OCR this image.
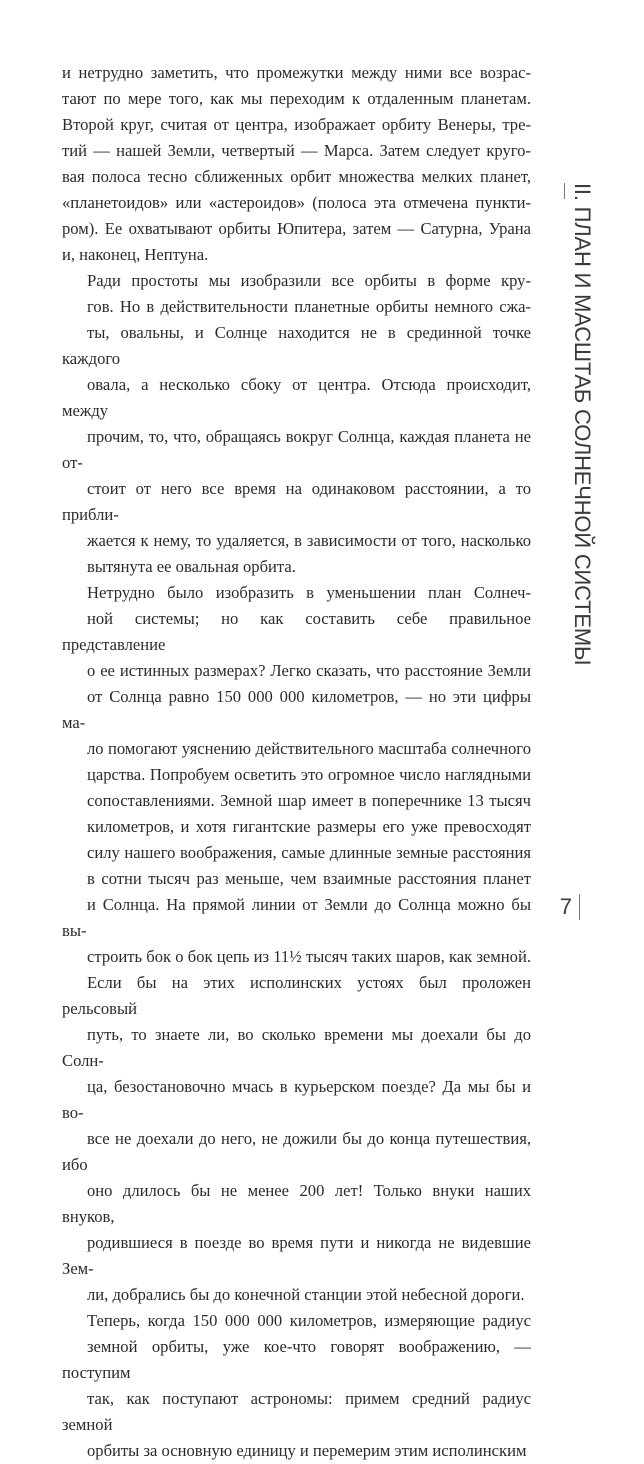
и нетрудно заметить, что промежутки между ними все возрас-
тают по мере того, как мы переходим к отдаленным планетам.
Второй круг, считая от центра, изображает орбиту Венеры, тре-
тий — нашей Земли, четвертый — Марса. Затем следует круго-
вая полоса тесно сближенных орбит множества мелких планет,
«планетоидов» или «астероидов» (полоса эта отмечена пункти-
ром). Ее охватывают орбиты Юпитера, затем — Сатурна, Урана
и, наконец, Нептуна.

Ради простоты мы изобразили все орбиты в форме кру-
гов. Но в действительности планетные орбиты немного сжа-
ты, овальны, и Солнце находится не в срединной точке каждого
овала, а несколько сбоку от центра. Отсюда происходит, между
прочим, то, что, обращаясь вокруг Солнца, каждая планета не от-
стоит от него все время на одинаковом расстоянии, а то прибли-
жается к нему, то удаляется, в зависимости от того, насколько
вытянута ее овальная орбита.

Нетрудно было изобразить в уменьшении план Солнеч-
ной системы; но как составить себе правильное представление
о ее истинных размерах? Легко сказать, что расстояние Земли
от Солнца равно 150 000 000 километров, — но эти цифры ма-
ло помогают уяснению действительного масштаба солнечного
царства. Попробуем осветить это огромное число наглядными
сопоставлениями. Земной шар имеет в поперечнике 13 тысяч
километров, и хотя гигантские размеры его уже превосходят
силу нашего воображения, самые длинные земные расстояния
в сотни тысяч раз меньше, чем взаимные расстояния планет
и Солнца. На прямой линии от Земли до Солнца можно бы вы-
строить бок о бок цепь из 11½ тысяч таких шаров, как земной.
Если бы на этих исполинских устоях был проложен рельсовый
путь, то знаете ли, во сколько времени мы доехали бы до Солн-
ца, безостановочно мчась в курьерском поезде? Да мы бы и во-
все не доехали до него, не дожили бы до конца путешествия, ибо
оно длилось бы не менее 200 лет! Только внуки наших внуков,
родившиеся в поезде во время пути и никогда не видевшие Зем-
ли, добрались бы до конечной станции этой небесной дороги.

Теперь, когда 150 000 000 километров, измеряющие радиус
земной орбиты, уже кое-что говорят воображению, — поступим
так, как поступают астрономы: примем средний радиус земной
орбиты за основную единицу и перемерим этим исполинским

II. ПЛАН И МАСШТАБ СОЛНЕЧНОЙ СИСТЕМЫ
7
